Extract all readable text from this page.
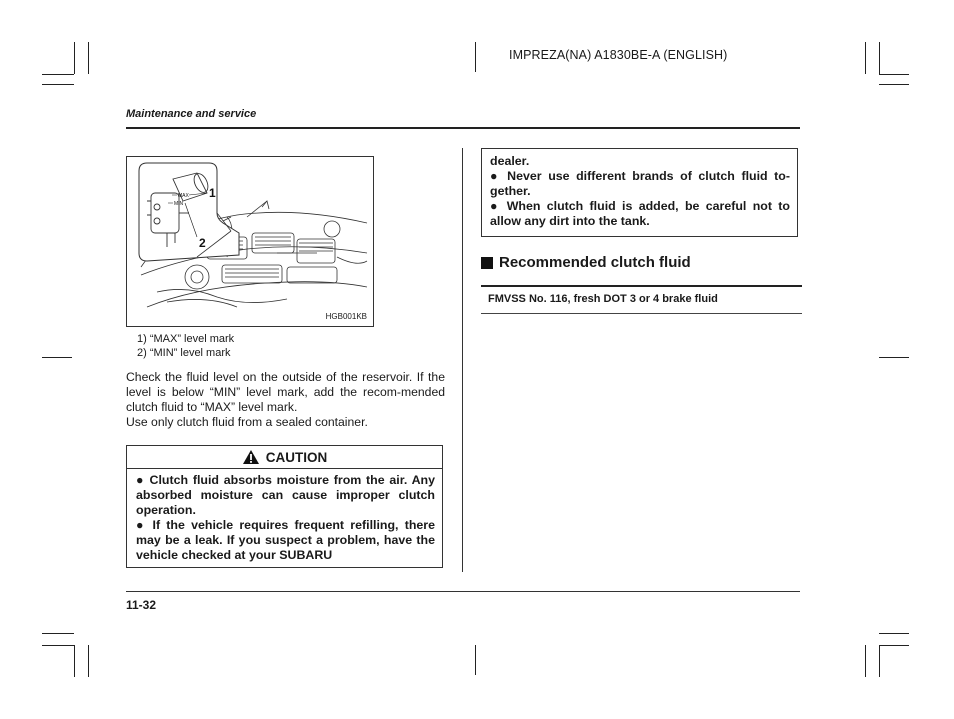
IMPREZA(NA) A1830BE-A (ENGLISH)
Maintenance and service
MAX
MIN
1
2
HGB001KB
1) “MAX” level mark
2) “MIN” level mark

Check the fluid level on the outside of the reservoir. If the level is below “MIN” level mark, add the recom-mended clutch fluid to “MAX” level mark.

Use only clutch fluid from a sealed container.

CAUTION

● Clutch fluid absorbs moisture from the air. Any absorbed moisture can cause improper clutch operation.

● If the vehicle requires frequent refilling, there may be a leak. If you suspect a problem, have the vehicle checked at your SUBARU

dealer.

● Never use different brands of clutch fluid to-gether.

● When clutch fluid is added, be careful not to allow any dirt into the tank.

Recommended clutch fluid
FMVSS No. 116, fresh DOT 3 or 4 brake fluid
11-32
